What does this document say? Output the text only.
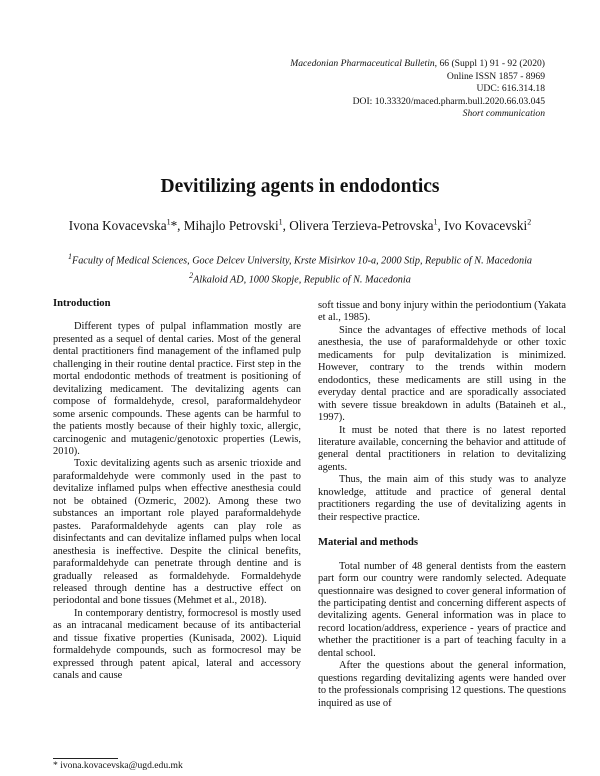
Macedonian Pharmaceutical Bulletin, 66 (Suppl 1) 91 - 92 (2020)
Online ISSN 1857 - 8969
UDC: 616.314.18
DOI: 10.33320/maced.pharm.bull.2020.66.03.045
Short communication
Devitilizing agents in endodontics
Ivona Kovacevska$^1$*, Mihajlo Petrovski$^1$, Olivera Terzieva-Petrovska$^1$, Ivo Kovacevski$^2$
$^1$Faculty of Medical Sciences, Goce Delcev University, Krste Misirkov 10-a, 2000 Stip, Republic of N. Macedonia
$^2$Alkaloid AD, 1000 Skopje, Republic of N. Macedonia
Introduction

Different types of pulpal inflammation mostly are presented as a sequel of dental caries. Most of the general dental practitioners find management of the inflamed pulp challenging in their routine dental practice. First step in the mortal endodontic methods of treatment is positioning of devitalizing medicament. The devitalizing agents can compose of formaldehyde, cresol, paraformaldehydeor some arsenic compounds. These agents can be harmful to the patients mostly because of their highly toxic, allergic, carcinogenic and mutagenic/genotoxic properties (Lewis, 2010).

Toxic devitalizing agents such as arsenic trioxide and paraformaldehyde were commonly used in the past to devitalize inflamed pulps when effective anesthesia could not be obtained (Ozmeric, 2002). Among these two substances an important role played paraformaldehyde pastes. Paraformaldehyde agents can play role as disinfectants and can devitalize inflamed pulps when local anesthesia is ineffective. Despite the clinical benefits, paraformaldehyde can penetrate through dentine and is gradually released as formaldehyde. Formaldehyde released through dentine has a destructive effect on periodontal and bone tissues (Mehmet et al., 2018).

In contemporary dentistry, formocresol is mostly used as an intracanal medicament because of its antibacterial and tissue fixative properties (Kunisada, 2002). Liquid formaldehyde compounds, such as formocresol may be expressed through patent apical, lateral and accessory canals and cause

soft tissue and bony injury within the periodontium (Yakata et al., 1985).

Since the advantages of effective methods of local anesthesia, the use of paraformaldehyde or other toxic medicaments for pulp devitalization is minimized. However, contrary to the trends within modern endodontics, these medicaments are still using in the everyday dental practice and are sporadically associated with severe tissue breakdown in adults (Bataineh et al., 1997).

It must be noted that there is no latest reported literature available, concerning the behavior and attitude of general dental practitioners in relation to devitalizing agents.

Thus, the main aim of this study was to analyze knowledge, attitude and practice of general dental practitioners regarding the use of devitalizing agents in their respective practice.

Material and methods

Total number of 48 general dentists from the eastern part form our country were randomly selected. Adequate questionnaire was designed to cover general information of the participating dentist and concerning different aspects of devitalizing agents. General information was in place to record location/address, experience - years of practice and whether the practitioner is a part of teaching faculty in a dental school.

After the questions about the general information, questions regarding devitalizing agents were handed over to the professionals comprising 12 questions. The questions inquired as use of

* ivona.kovacevska@ugd.edu.mk
